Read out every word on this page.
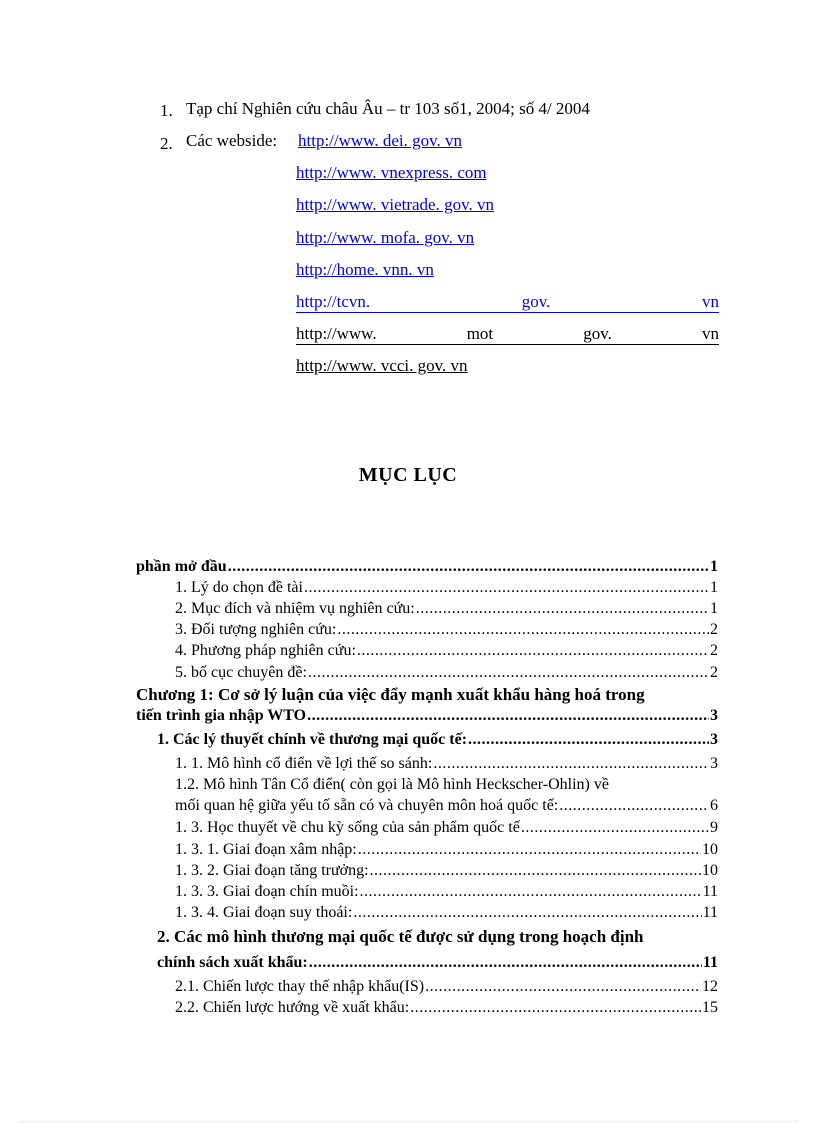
1. Tạp chí Nghiên cứu châu Âu – tr 103 số1, 2004; số 4/ 2004
2. Các webside: http://www. dei. gov. vn
http://www. vnexpress. com
http://www. vietrade. gov. vn
http://www. mofa. gov. vn
http://home. vnn. vn
http://tcvn.	gov.	vn
http://www.	mot	gov.	vn
http://www. vcci. gov. vn
MỤC LỤC
phần mở đầu .....	1
1. Lý do chọn đề tài .....	1
2. Mục đích và nhiệm vụ nghiên cứu: .....	1
3. Đối tượng nghiên cứu: .....	2
4. Phương pháp nghiên cứu: .....	2
5. bố cục chuyên đề: .....	2
Chương 1: Cơ sở lý luận của việc đẩy mạnh xuất khẩu hàng hoá trong
tiến trình gia nhập WTO .....	3
1. Các lý thuyết chính về thương mại quốc tế: .....	3
1. 1. Mô hình cổ điển về lợi thế so sánh: .....	3
1.2. Mô hình Tân Cổ điển( còn gọi là Mô hình Heckscher-Ohlin) về
mối quan hệ giữa yếu tố sẵn có và chuyên môn hoá quốc tế: .....	6
1. 3. Học thuyết về chu kỳ sống của sản phẩm quốc tế .....	9
1. 3. 1. Giai đoạn xâm nhập: .....	10
1. 3. 2. Giai đoạn tăng trưởng: .....	10
1. 3. 3. Giai đoạn chín muồi: .....	11
1. 3. 4. Giai đoạn suy thoái: .....	11
2. Các mô hình thương mại quốc tế được sử dụng trong hoạch định
chính sách xuất khẩu: .....	11
2.1. Chiến lược thay thế nhập khẩu(IS) .....	12
2.2. Chiến lược hướng về xuất khẩu: .....	15
